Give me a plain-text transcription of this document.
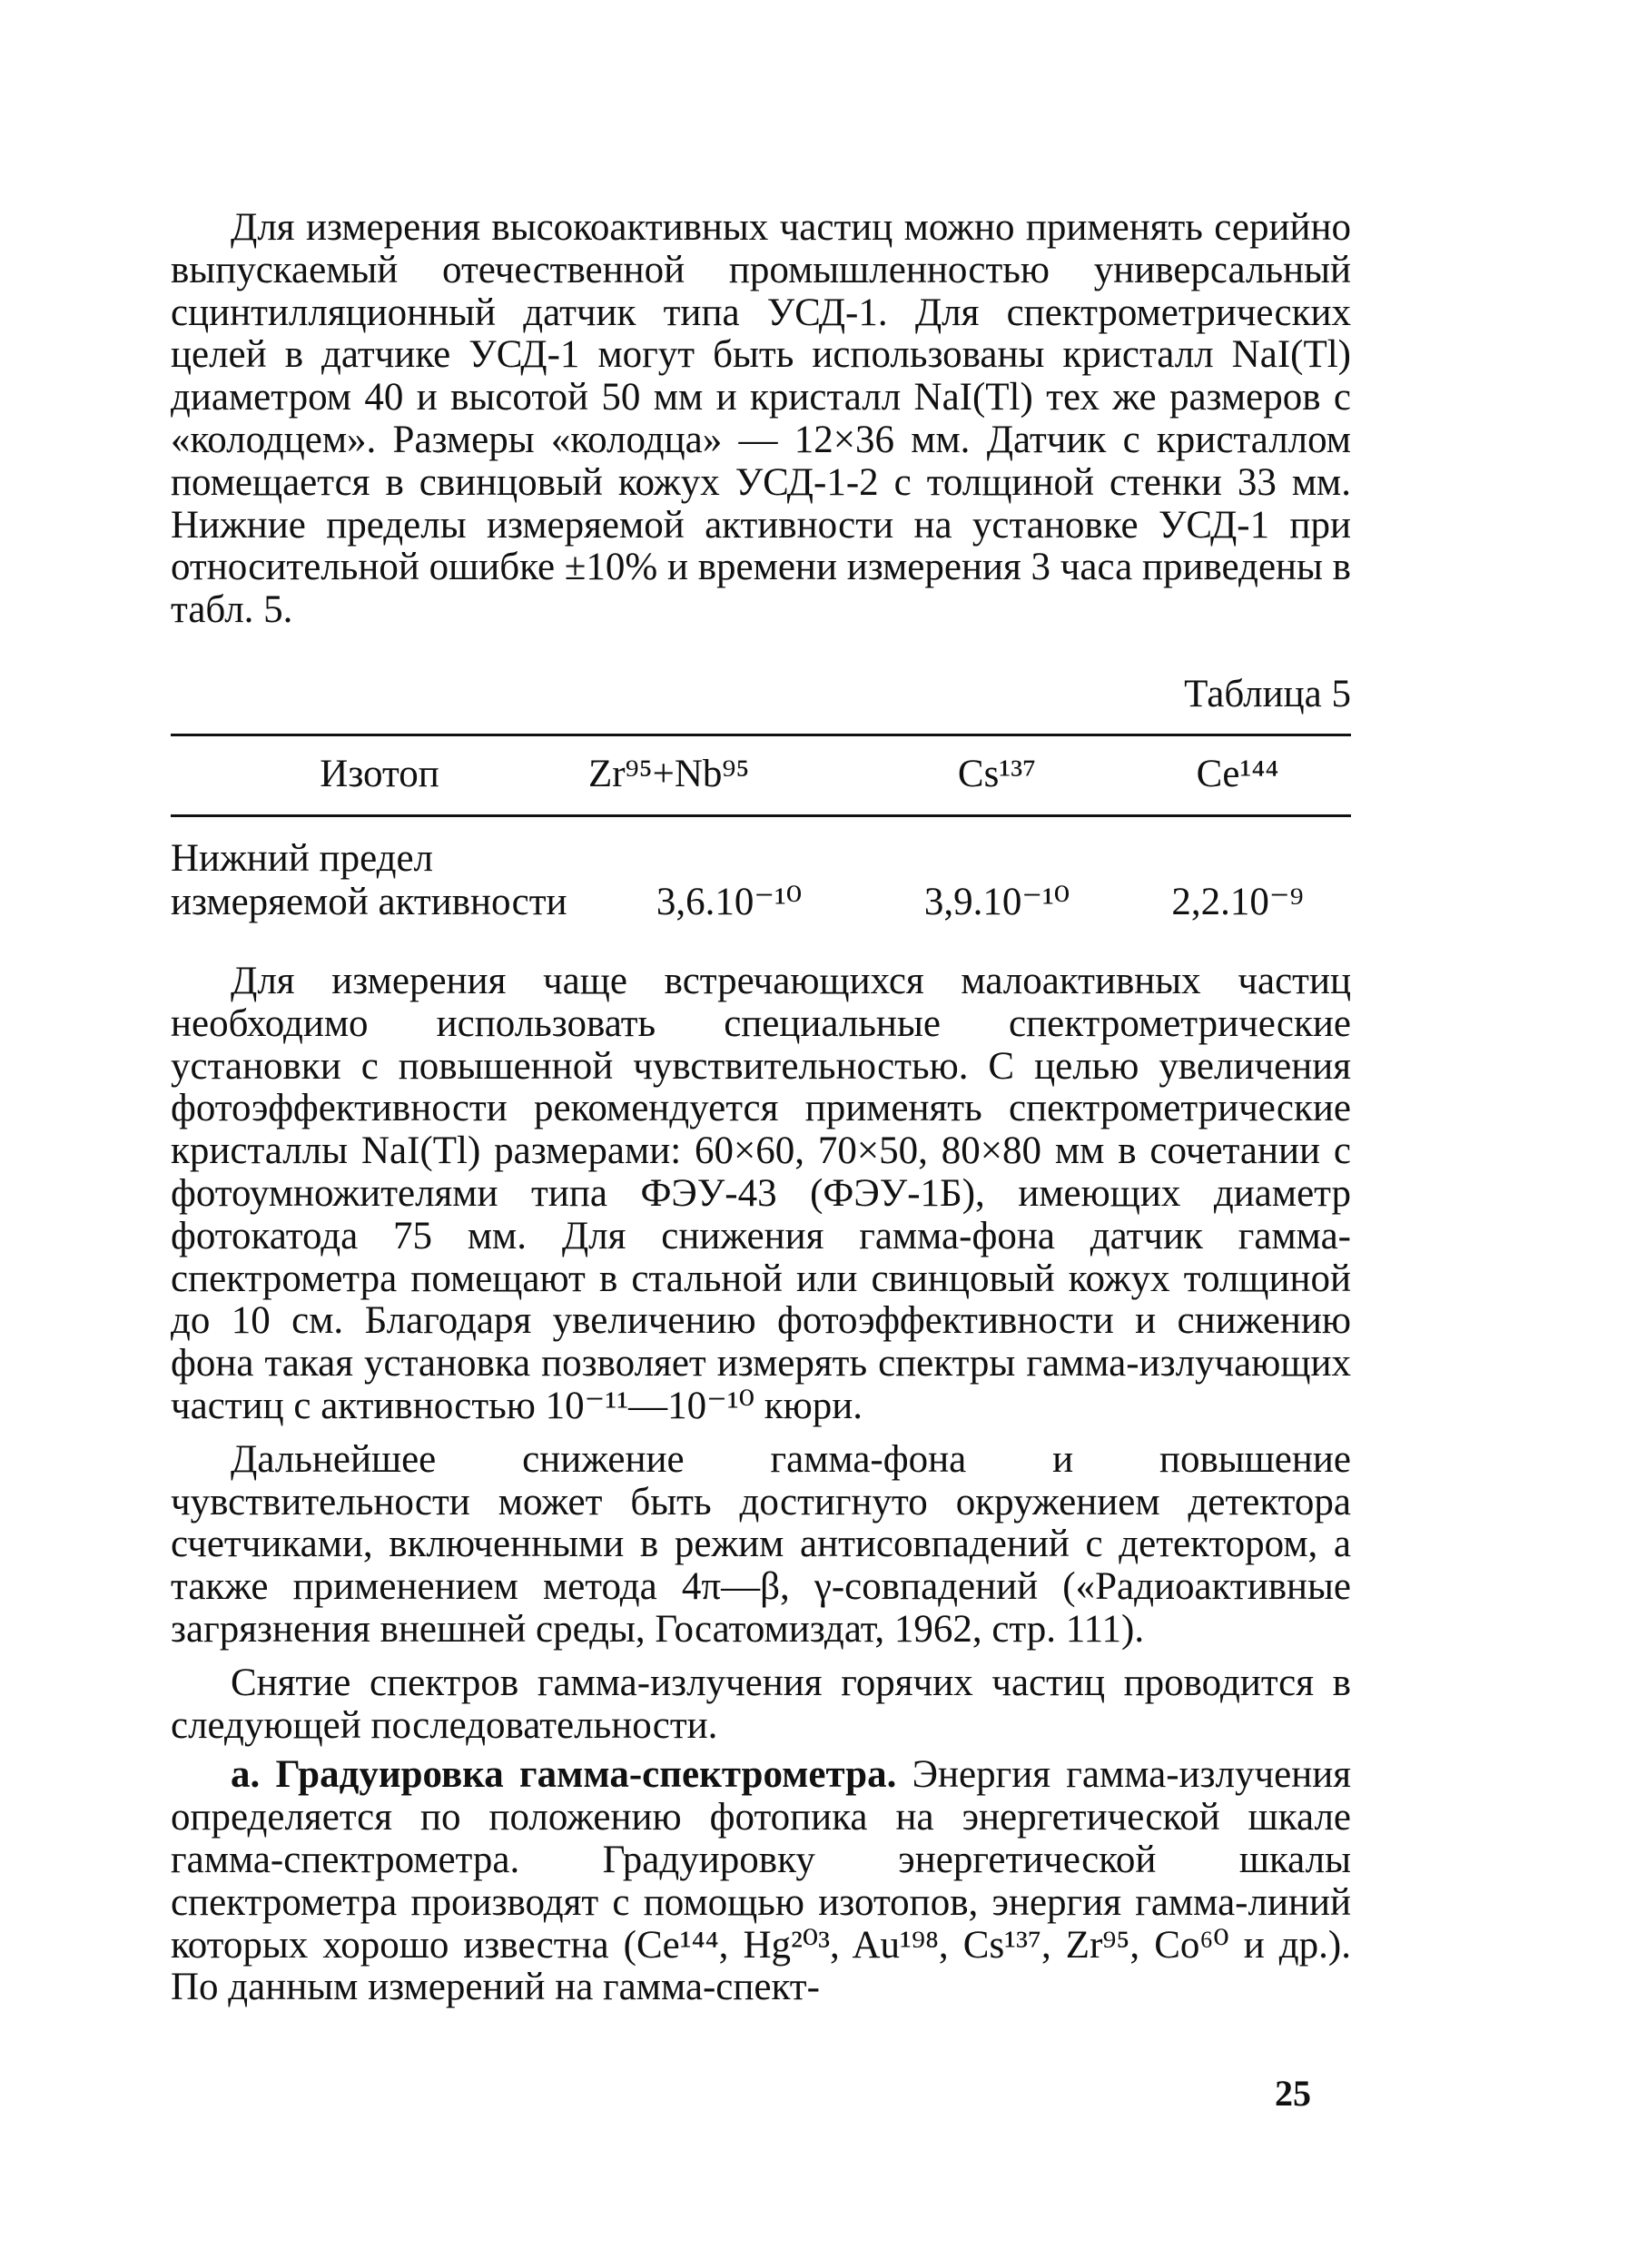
Для измерения высокоактивных частиц можно применять серийно выпускаемый отечественной промышленностью универсальный сцинтилляционный датчик типа УСД-1. Для спектрометрических целей в датчике УСД-1 могут быть использованы кристалл NaI(Tl) диаметром 40 и высотой 50 мм и кристалл NaI(Tl) тех же размеров с «колодцем». Размеры «колодца» — 12×36 мм. Датчик с кристаллом помещается в свинцовый кожух УСД-1-2 с толщиной стенки 33 мм. Нижние пределы измеряемой активности на установке УСД-1 при относительной ошибке ±10% и времени измерения 3 часа приведены в табл. 5.

Таблица 5
Изотоп	Zr⁹⁵+Nb⁹⁵	Cs¹³⁷	Ce¹⁴⁴
Нижний предел измеряемой активности	3,6.10⁻¹⁰	3,9.10⁻¹⁰	2,2.10⁻⁹

Для измерения чаще встречающихся малоактивных частиц необходимо использовать специальные спектрометрические установки с повышенной чувствительностью. С целью увеличения фотоэффективности рекомендуется применять спектрометрические кристаллы NaI(Tl) размерами: 60×60, 70×50, 80×80 мм в сочетании с фотоумножителями типа ФЭУ-43 (ФЭУ-1Б), имеющих диаметр фотокатода 75 мм. Для снижения гамма-фона датчик гамма-спектрометра помещают в стальной или свинцовый кожух толщиной до 10 см. Благодаря увеличению фотоэффективности и снижению фона такая установка позволяет измерять спектры гамма-излучающих частиц с активностью 10⁻¹¹—10⁻¹⁰ кюри.

Дальнейшее снижение гамма-фона и повышение чувствительности может быть достигнуто окружением детектора счетчиками, включенными в режим антисовпадений с детектором, а также применением метода 4π—β, γ-совпадений («Радиоактивные загрязнения внешней среды, Госатомиздат, 1962, стр. 111).

Снятие спектров гамма-излучения горячих частиц проводится в следующей последовательности.

а. Градуировка гамма-спектрометра. Энергия гамма-излучения определяется по положению фотопика на энергетической шкале гамма-спектрометра. Градуировку энергетической шкалы спектрометра производят с помощью изотопов, энергия гамма-линий которых хорошо известна (Ce¹⁴⁴, Hg²⁰³, Au¹⁹⁸, Cs¹³⁷, Zr⁹⁵, Co⁶⁰ и др.). По данным измерений на гамма-спект-

25
